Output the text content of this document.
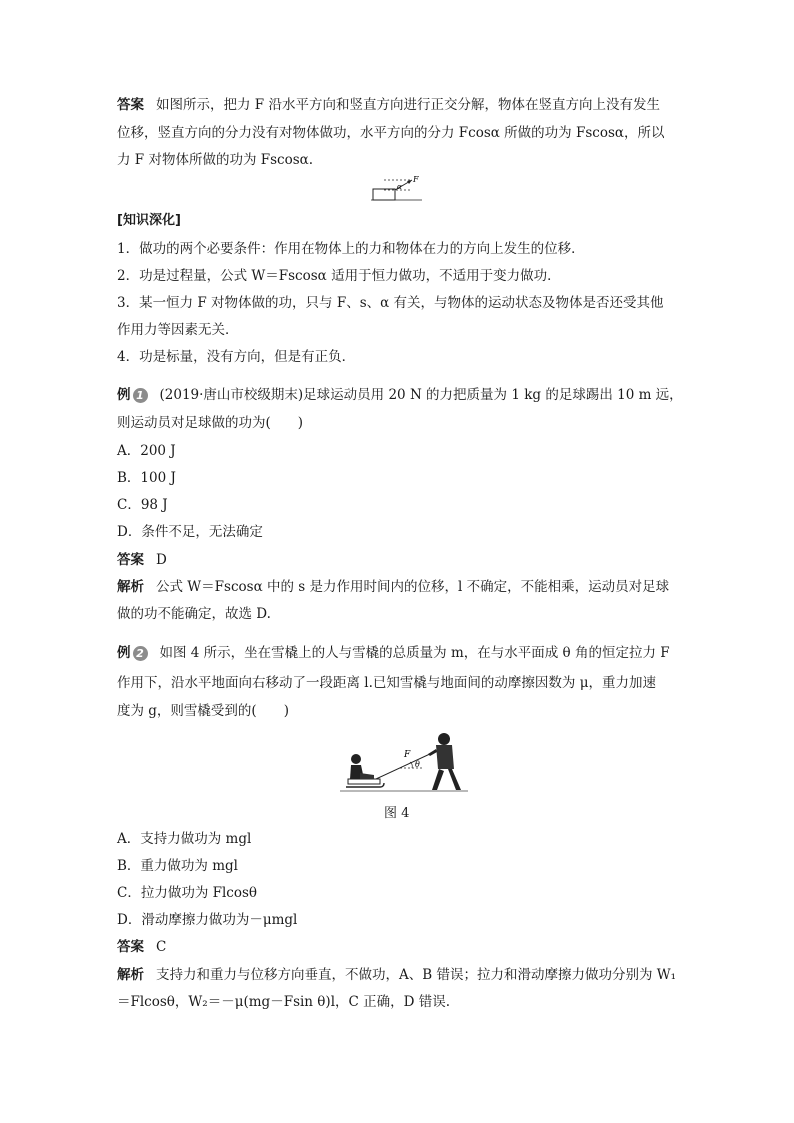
答案 如图所示，把力 F 沿水平方向和竖直方向进行正交分解，物体在竖直方向上没有发生
位移，竖直方向的分力没有对物体做功，水平方向的分力 Fcosα 所做的功为 Fscosα，所以
力 F 对物体所做的功为 Fscosα.
F
α
[知识深化]
1．做功的两个必要条件：作用在物体上的力和物体在力的方向上发生的位移．
2．功是过程量，公式 W＝Fscosα 适用于恒力做功，不适用于变力做功．
3．某一恒力 F 对物体做的功，只与 F、s、α 有关，与物体的运动状态及物体是否还受其他
作用力等因素无关．
4．功是标量，没有方向，但是有正负．
例 1 (2019·唐山市校级期末)足球运动员用 20 N 的力把质量为 1 kg 的足球踢出 10 m 远，
则运动员对足球做的功为(　　)
A．200 J
B．100 J
C．98 J
D．条件不足，无法确定
答案 D
解析 公式 W＝Fscosα 中的 s 是力作用时间内的位移，l 不确定，不能相乘，运动员对足球
做的功不能确定，故选 D.
例 2 如图 4 所示，坐在雪橇上的人与雪橇的总质量为 m，在与水平面成 θ 角的恒定拉力 F
作用下，沿水平地面向右移动了一段距离 l.已知雪橇与地面间的动摩擦因数为 μ，重力加速
度为 g，则雪橇受到的(　　)
θ
F
图 4
A．支持力做功为 mgl
B．重力做功为 mgl
C．拉力做功为 Flcosθ
D．滑动摩擦力做功为－μmgl
答案 C
解析 支持力和重力与位移方向垂直，不做功，A、B 错误；拉力和滑动摩擦力做功分别为 W₁
＝Flcosθ，W₂＝－μ(mg－Fsin θ)l，C 正确，D 错误.
